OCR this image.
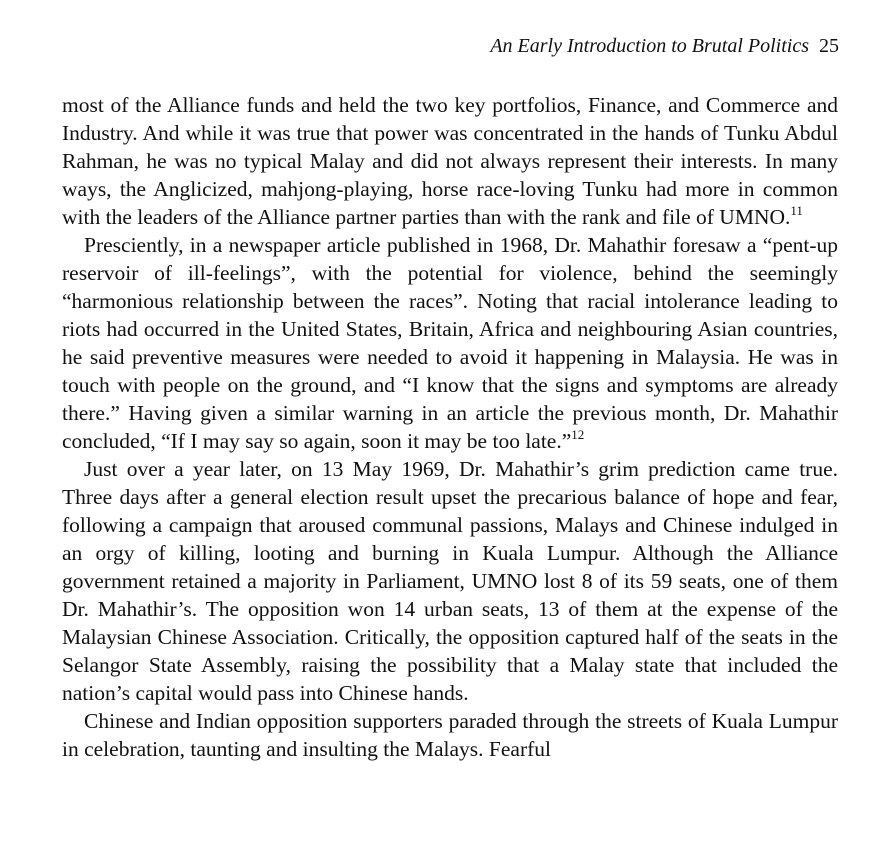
An Early Introduction to Brutal Politics 25

most of the Alliance funds and held the two key portfolios, Finance, and Commerce and Industry. And while it was true that power was concentrated in the hands of Tunku Abdul Rahman, he was no typical Malay and did not always represent their interests. In many ways, the Anglicized, mahjong-playing, horse race-loving Tunku had more in common with the leaders of the Alliance partner parties than with the rank and file of UMNO.$^{11}$

Presciently, in a newspaper article published in 1968, Dr. Mahathir foresaw a “pent-up reservoir of ill-feelings”, with the potential for violence, behind the seemingly “harmonious relationship between the races”. Noting that racial intolerance leading to riots had occurred in the United States, Britain, Africa and neighbouring Asian countries, he said preventive measures were needed to avoid it happening in Malaysia. He was in touch with people on the ground, and “I know that the signs and symptoms are already there.” Having given a similar warning in an article the previous month, Dr. Mahathir concluded, “If I may say so again, soon it may be too late.”$^{12}$

Just over a year later, on 13 May 1969, Dr. Mahathir’s grim prediction came true. Three days after a general election result upset the precarious balance of hope and fear, following a campaign that aroused communal passions, Malays and Chinese indulged in an orgy of killing, looting and burning in Kuala Lumpur. Although the Alliance government retained a majority in Parliament, UMNO lost 8 of its 59 seats, one of them Dr. Mahathir’s. The opposition won 14 urban seats, 13 of them at the expense of the Malaysian Chinese Association. Critically, the opposition captured half of the seats in the Selangor State Assembly, raising the possibility that a Malay state that included the nation’s capital would pass into Chinese hands.

Chinese and Indian opposition supporters paraded through the streets of Kuala Lumpur in celebration, taunting and insulting the Malays. Fearful
